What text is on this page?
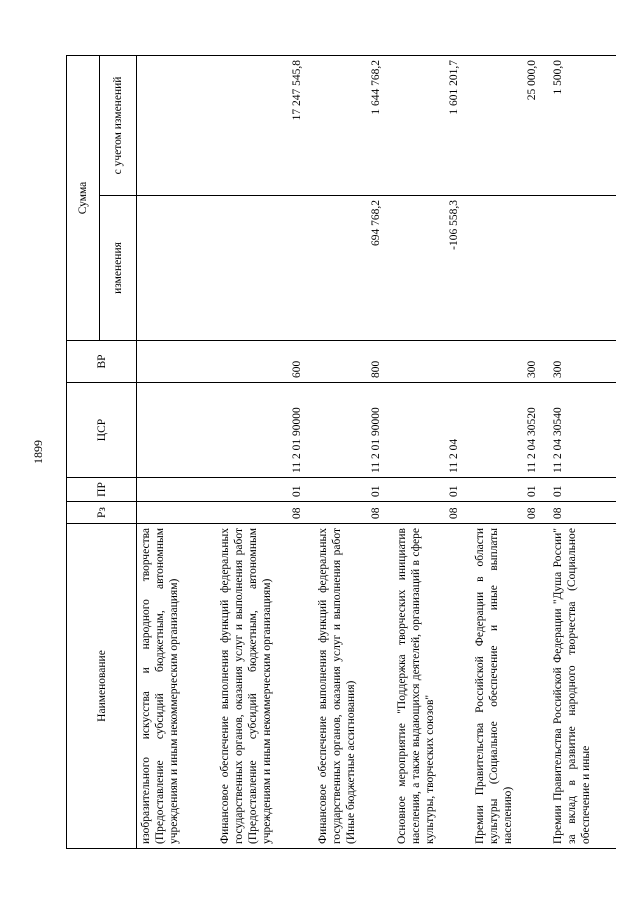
1899
Наименование	Рз	ПР	ЦСР	ВР	Сумма	
					изменения	с учетом изменений
изобразительного искусства и народного творчества (Предоставление субсидий бюджетным, автономным учреждениям и иным некоммерческим организациям)						
Финансовое обеспечение выполнения функций федеральных государственных органов, оказания услуг и выполнения работ (Предоставление субсидий бюджетным, автономным учреждениям и иным некоммерческим организациям)	08	01	11 2 01 90000	600		17 247 545,8
Финансовое обеспечение выполнения функций федеральных государственных органов, оказания услуг и выполнения работ (Иные бюджетные ассигнования)	08	01	11 2 01 90000	800	694 768,2	1 644 768,2
Основное мероприятие "Поддержка творческих инициатив населения, а также выдающихся деятелей, организаций в сфере культуры, творческих союзов"	08	01	11 2 04		-106 558,3	1 601 201,7
Премии Правительства Российской Федерации в области культуры (Социальное обеспечение и иные выплаты населению)	08	01	11 2 04 30520	300		25 000,0
Премии Правительства Российской Федерации "Душа России" за вклад в развитие народного творчества (Социальное обеспечение и иные	08	01	11 2 04 30540	300		1 500,0
